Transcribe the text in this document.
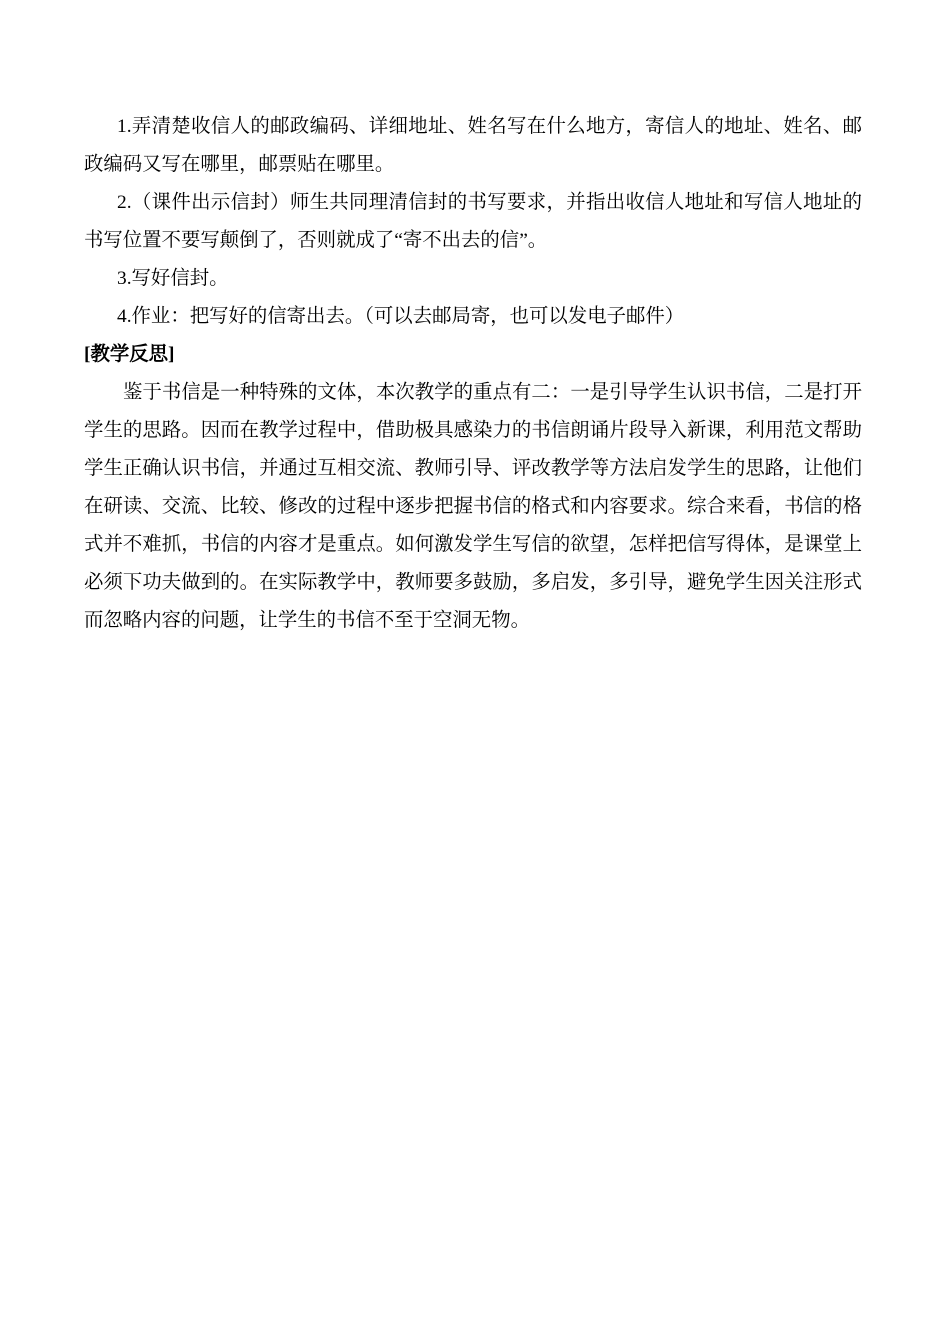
1.弄清楚收信人的邮政编码、详细地址、姓名写在什么地方，寄信人的地址、姓名、邮政编码又写在哪里，邮票贴在哪里。

2.（课件出示信封）师生共同理清信封的书写要求，并指出收信人地址和写信人地址的书写位置不要写颠倒了，否则就成了“寄不出去的信”。

3.写好信封。

4.作业：把写好的信寄出去。（可以去邮局寄，也可以发电子邮件）

[教学反思]

鉴于书信是一种特殊的文体，本次教学的重点有二：一是引导学生认识书信，二是打开学生的思路。因而在教学过程中，借助极具感染力的书信朗诵片段导入新课，利用范文帮助学生正确认识书信，并通过互相交流、教师引导、评改教学等方法启发学生的思路，让他们在研读、交流、比较、修改的过程中逐步把握书信的格式和内容要求。综合来看，书信的格式并不难抓，书信的内容才是重点。如何激发学生写信的欲望，怎样把信写得体，是课堂上必须下功夫做到的。在实际教学中，教师要多鼓励，多启发，多引导，避免学生因关注形式而忽略内容的问题，让学生的书信不至于空洞无物。
